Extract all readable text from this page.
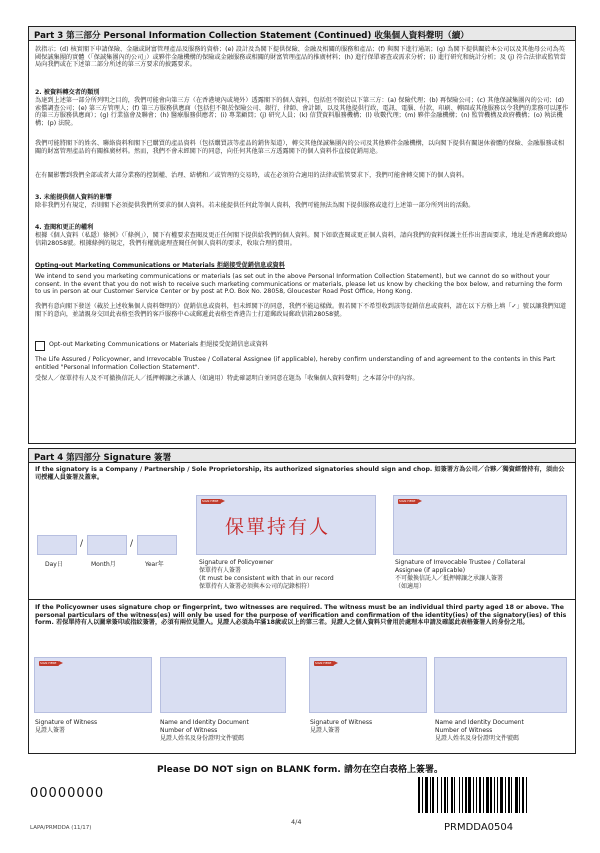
Part 3 第三部分 Personal Information Collection Statement (Continued) 收集個人資料聲明（續）
款指示；(d) 核實閣下申請保險、金融或財富管理產品及服務的資格；(e) 設計及為閣下提供保險、金融及相關的服務和產品；(f) 與閣下進行通訊；(g) 為閣下提供關於本公司以及其他母公司為英國保誠集團的實體（「保誠集團內的公司」）或夥伴金融機構的保險或金融服務或相關的財富管理產品的推廣材料；(h) 進行保單審查或需求分析；(i) 進行研究和統計分析；及 (j) 符合法律或監管當局向我們或在下述第二部分所述的第三方要求的披露要求。
2. 被資料轉交者的類別
為達到上述第一部分所列明之目的，我們可能會向第三方（在香港境內或境外）透露閣下的個人資料，包括但不限於以下第三方：(a) 保險代理；(b) 再保險公司；(c) 其他保誠集團內的公司；(d) 索償調查公司；(e) 第三方管理人；(f) 第三方服務供應商（包括但不限於保險公司、銀行、律師、會計師，以及其他提供行政、電訊、電腦、付款、印刷、轉圓或其他服務以令我們的業務可以運作的第三方服務供應商）；(g) 行業協會及聯會；(h) 醫療服務供應者；(i) 專業顧問；(j) 研究人員；(k) 信貸資料服務機構；(l) 收數代理；(m) 夥伴金融機構；(n) 監管機構及政府機構；(o) 執法機構；(p) 法院。
我們可能將閣下的姓名、聯絡資料和閣下已購買的產品資料（包括購買該等產品的銷售渠道），轉交其他保誠集團內的公司及其他夥伴金融機構，以向閣下提供有關退休養體的保險、金融服務或相關的財富管理產品的有關推廣材料。然而，我們不會未經閣下的同意，向任何其他第三方透露閣下的個人資料作直接促銷用途。
在有關影響到我們全部或者大部分業務的控制權、治理、結構和／或管理的交易時，或在必須符合適用的法律或監管要求下，我們可能會轉交閣下的個人資料。
3. 未能提供個人資料的影響
除非我們另有規定，否則閣下必須提供我們所要求的個人資料。若未能提供任何此等個人資料，我們可能無法為閣下提供服務或進行上述第一部分所列出的活動。
4. 查閱和更正的權利
根據《個人資料（私隱）條例》（「條例」），閣下有權要求查閱及更正任何閣下提供給我們的個人資料。閣下如欲查閱或更正個人資料，請向我們的資料保護主任作出書面要求，地址是香港郵政總局信箱28058號。根據條例的規定，我們有權就處理查閱任何個人資料的要求，收取合理的費用。
Opting-out Marketing Communications or Materials 拒絕接受促銷信息或資料
We intend to send you marketing communications or materials (as set out in the above Personal Information Collection Statement), but we cannot do so without your consent. In the event that you do not wish to receive such marketing communications or materials, please let us know by checking the box below, and returning the form to us in person at our Customer Service Center or by post at P.O. Box No. 28058, Gloucester Road Post Office, Hong Kong.
我們有意向閣下發送（載於上述收集個人資料聲明的）促銷信息或資料，但未經閣下的同意，我們不能這樣做。假若閣下不希望收到該等促銷信息或資料，請在以下方格上填「✓」號以讓我們知道閣下的意向，並請親身交回此表格至我們的客戶服務中心或郵遞此表格至香港告士打道郵政局郵政信箱28058號。
Opt-out Marketing Communications or Materials 拒絕接受促銷信息或資料
The Life Assured / Policyowner, and Irrevocable Trustee / Collateral Assignee (if applicable), hereby confirm understanding of and agreement to the contents in this Part entitled "Personal Information Collection Statement".
受保人／保單持有人及不可撤換信託人／抵押轉讓之承讓人（如適用）特此確認明白並同意在題為「收集個人資料聲明」之本部分中的內容。
Part 4 第四部分 Signature 簽署
If the signatory is a Company / Partnership / Sole Proprietorship, its authorized signatories should sign and chop. 如簽署方為公司／合夥／獨資經營持有，須由公司授權人員簽署及蓋章。
/	/
Day日	Month月	Year年
SIGN HERE
保單持有人
Signature of Policyowner
保單持有人簽署
(It must be consistent with that in our record
保單持有人簽署必須與本公司的記錄相符）
SIGN HERE
Signature of Irrevocable Trustee / Collateral
Assignee (if applicable)
不可撤換信託人／抵押轉讓之承讓人簽署
（如適用）
If the Policyowner uses signature chop or fingerprint, two witnesses are required. The witness must be an individual third party aged 18 or above. The personal particulars of the witness(es) will only be used for the purpose of verification and confirmation of the identity(ies) of the signatory(ies) of this form. 若保單持有人以圖章簽印或指紋簽署，必須有兩位見證人。見證人必須為年滿18歲或以上的第三者。見證人之個人資料只會用於處理本申請及確認此表格簽署人的身份之用。
SIGN HERE	SIGN HERE
Signature of Witness
見證人簽署
Name and Identity Document
Number of Witness
見證人姓名及身份證明文件號碼
Signature of Witness
見證人簽署
Name and Identity Document
Number of Witness
見證人姓名及身份證明文件號碼
Please DO NOT sign on BLANK form. 請勿在空白表格上簽署。
00000000
LAPA/PRMDDA (11/17)
4/4	PRMDDA0504
